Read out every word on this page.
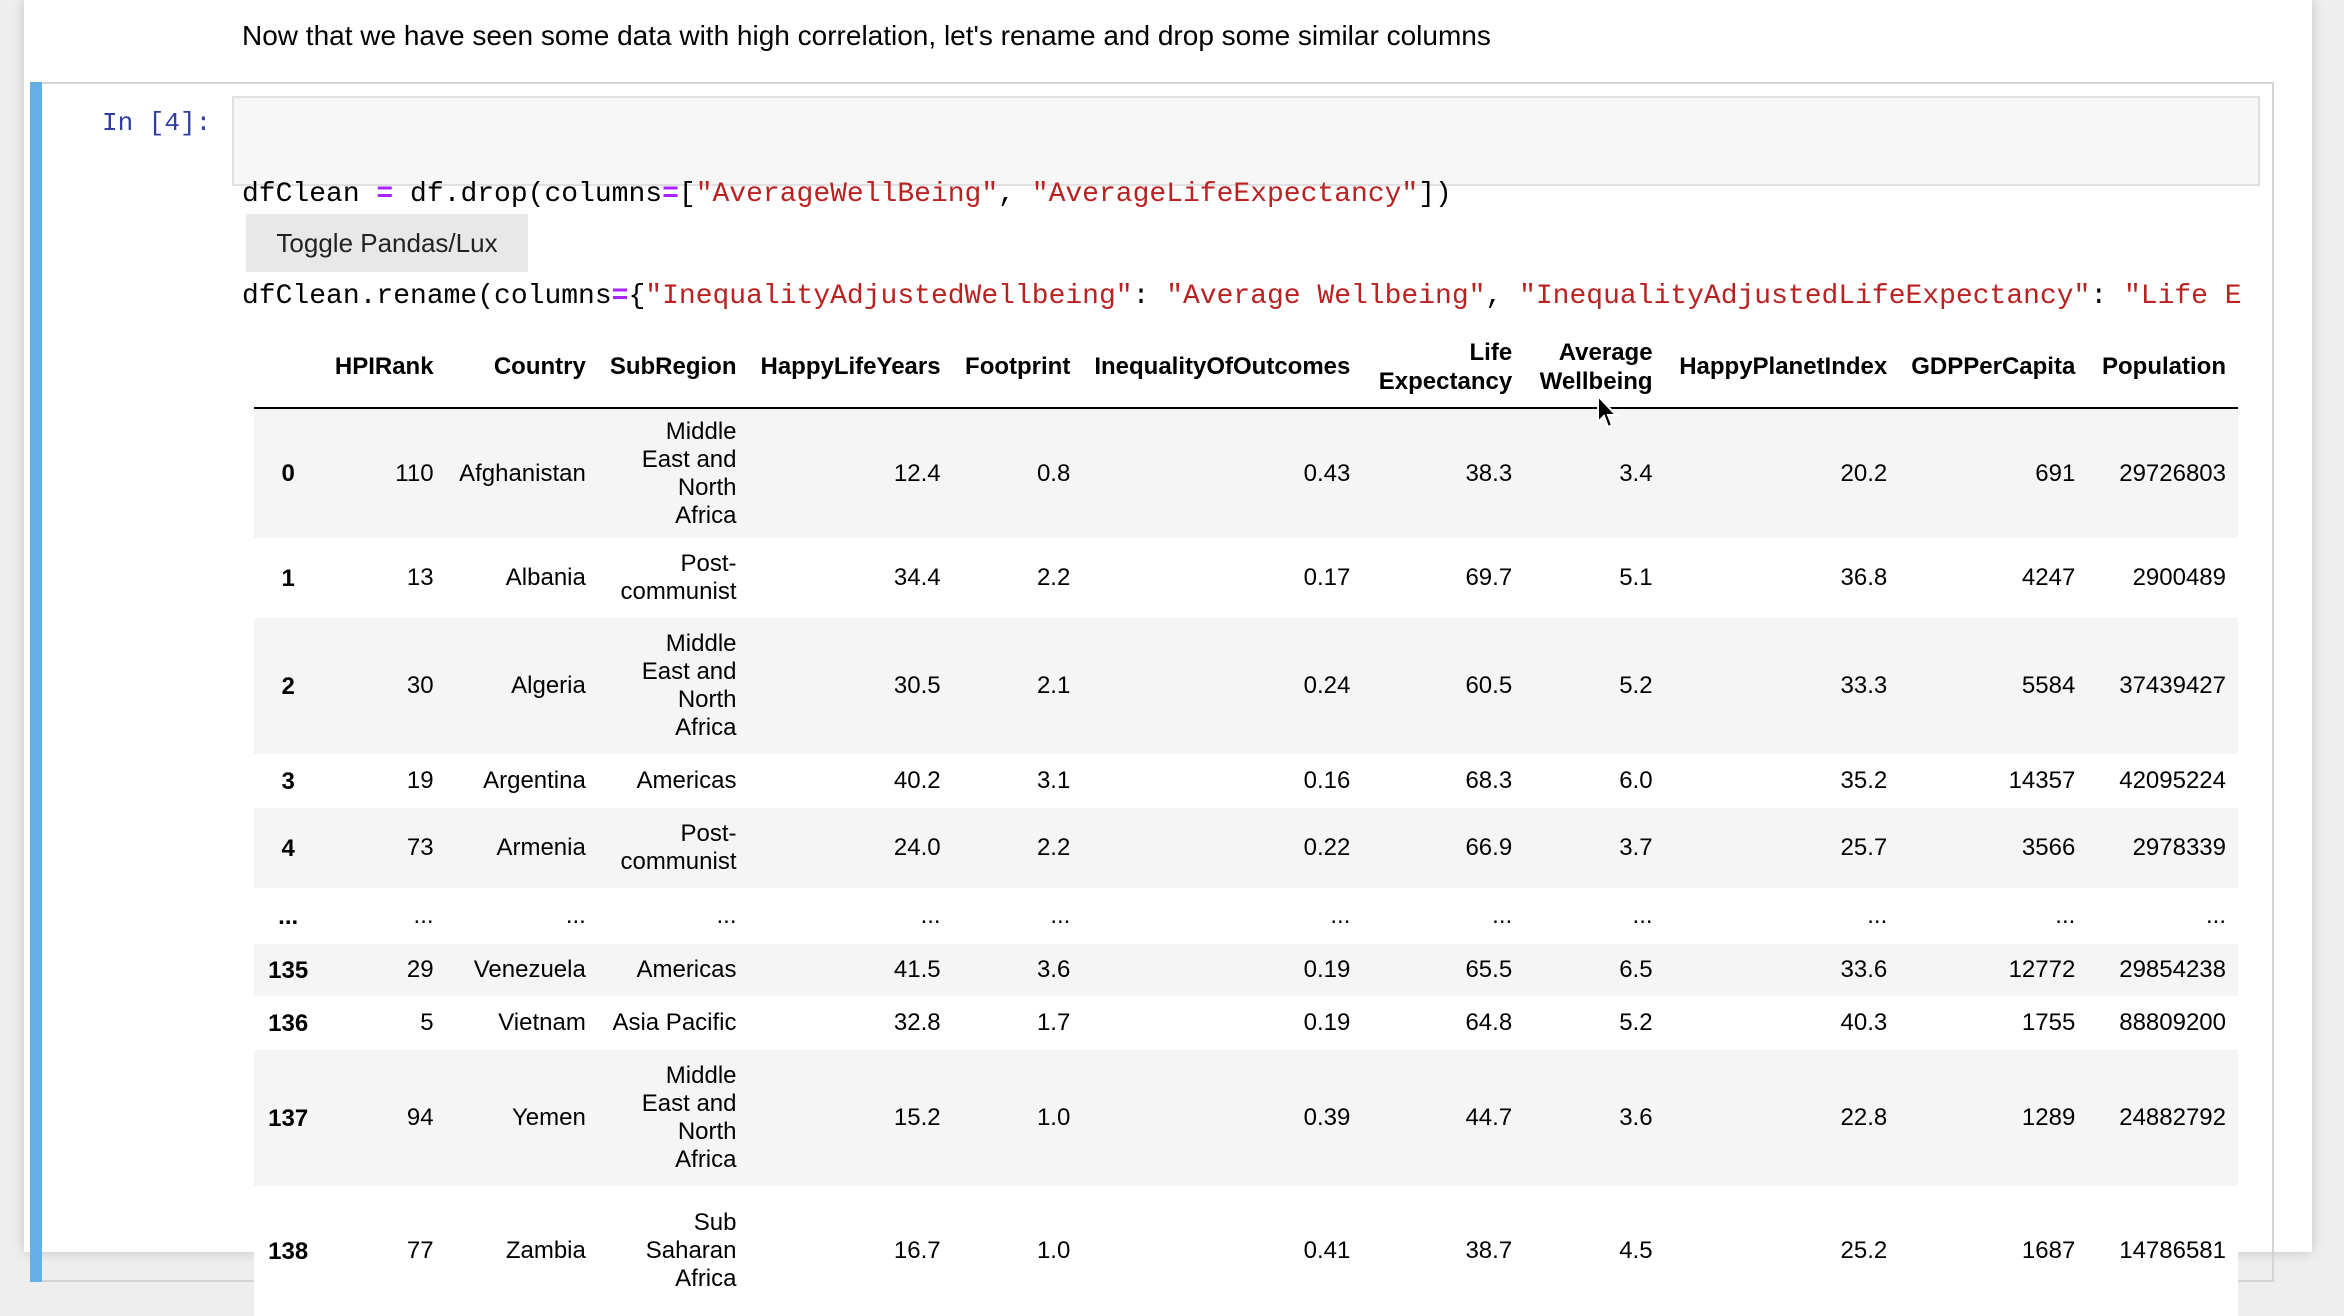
Now that we have seen some data with high correlation, let's rename and drop some similar columns
In [4]:

dfClean = df.drop(columns=["AverageWellBeing", "AverageLifeExpectancy"])

dfClean.rename(columns={"InequalityAdjustedWellbeing": "Average Wellbeing", "InequalityAdjustedLifeExpectancy": "Life E

Toggle Pandas/Lux
	HPIRank	Country	SubRegion	HappyLifeYears	Footprint	InequalityOfOutcomes	Life
Expectancy	Average
Wellbeing	HappyPlanetIndex	GDPPerCapita	Population
0	110	Afghanistan	Middle
East and
North
Africa	12.4	0.8	0.43	38.3	3.4	20.2	691	29726803
1	13	Albania	Post-
communist	34.4	2.2	0.17	69.7	5.1	36.8	4247	2900489
2	30	Algeria	Middle
East and
North
Africa	30.5	2.1	0.24	60.5	5.2	33.3	5584	37439427
3	19	Argentina	Americas	40.2	3.1	0.16	68.3	6.0	35.2	14357	42095224
4	73	Armenia	Post-
communist	24.0	2.2	0.22	66.9	3.7	25.7	3566	2978339
...	...	...	...	...	...	...	...	...	...	...	...
135	29	Venezuela	Americas	41.5	3.6	0.19	65.5	6.5	33.6	12772	29854238
136	5	Vietnam	Asia Pacific	32.8	1.7	0.19	64.8	5.2	40.3	1755	88809200
137	94	Yemen	Middle
East and
North
Africa	15.2	1.0	0.39	44.7	3.6	22.8	1289	24882792
138	77	Zambia	Sub
Saharan
Africa	16.7	1.0	0.41	38.7	4.5	25.2	1687	14786581
